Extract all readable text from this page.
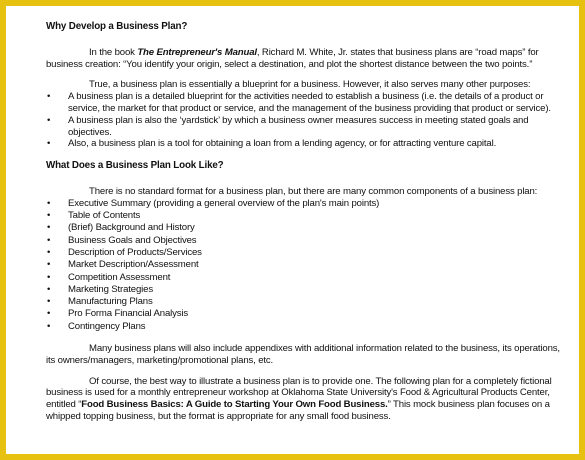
Why Develop a Business Plan?
In the book The Entrepreneur's Manual, Richard M. White, Jr. states that business plans are “road maps” for business creation: “You identify your origin, select a destination, and plot the shortest distance between the two points.”
True, a business plan is essentially a blueprint for a business. However, it also serves many other purposes:
• A business plan is a detailed blueprint for the activities needed to establish a business (i.e. the details of a product or service, the market for that product or service, and the management of the business providing that product or service).
• A business plan is also the ‘yardstick’ by which a business owner measures success in meeting stated goals and objectives.
• Also, a business plan is a tool for obtaining a loan from a lending agency, or for attracting venture capital.
What Does a Business Plan Look Like?
There is no standard format for a business plan, but there are many common components of a business plan:
• Executive Summary (providing a general overview of the plan's main points)
• Table of Contents
• (Brief) Background and History
• Business Goals and Objectives
• Description of Products/Services
• Market Description/Assessment
• Competition Assessment
• Marketing Strategies
• Manufacturing Plans
• Pro Forma Financial Analysis
• Contingency Plans
Many business plans will also include appendixes with additional information related to the business, its operations, its owners/managers, marketing/promotional plans, etc.
Of course, the best way to illustrate a business plan is to provide one. The following plan for a completely fictional business is used for a monthly entrepreneur workshop at Oklahoma State University's Food & Agricultural Products Center, entitled “Food Business Basics: A Guide to Starting Your Own Food Business.” This mock business plan focuses on a whipped topping business, but the format is appropriate for any small food business.
